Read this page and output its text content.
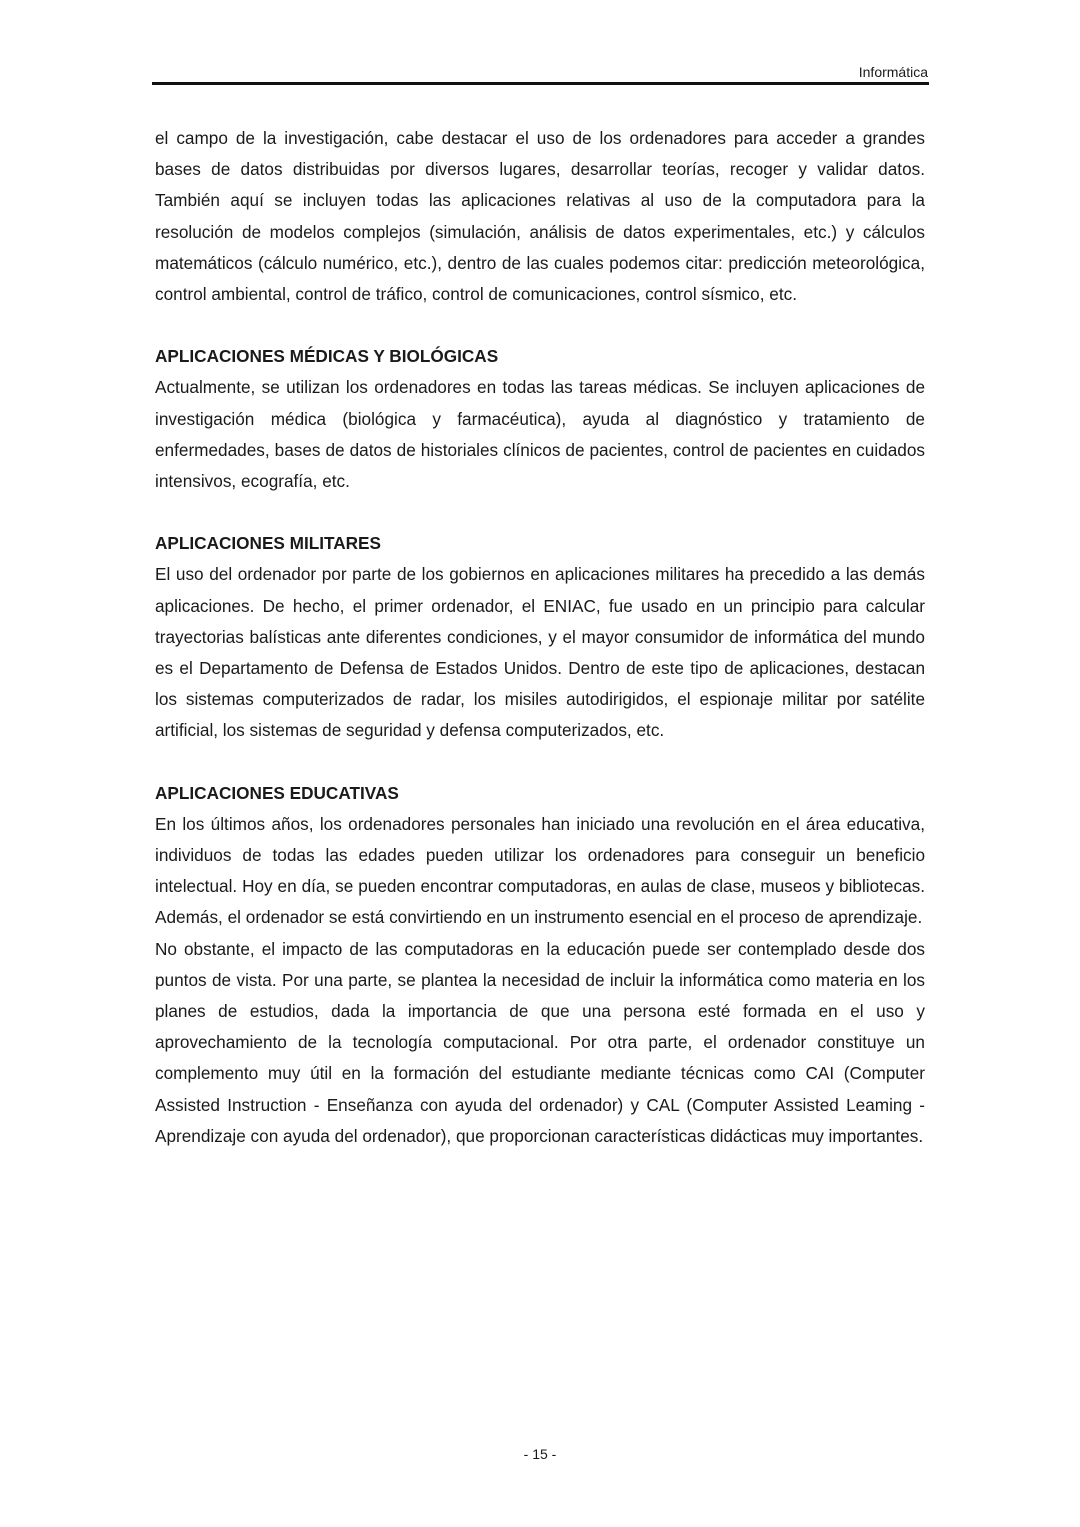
Informática

el campo de la investigación, cabe destacar el uso de los ordenadores para acceder a grandes bases de datos distribuidas por diversos lugares, desarrollar teorías, recoger y validar datos. También aquí se incluyen todas las aplicaciones relativas al uso de la computadora para la resolución de modelos complejos (simulación, análisis de datos experimentales, etc.) y cálculos matemáticos (cálculo numérico, etc.), dentro de las cuales podemos citar: predicción meteorológica, control ambiental, control de tráfico, control de comunicaciones, control sísmico, etc.

APLICACIONES MÉDICAS Y BIOLÓGICAS

Actualmente, se utilizan los ordenadores en todas las tareas médicas. Se incluyen aplicaciones de investigación médica (biológica y farmacéutica), ayuda al diagnóstico y tratamiento de enfermedades, bases de datos de historiales clínicos de pacientes, control de pacientes en cuidados intensivos, ecografía, etc.

APLICACIONES MILITARES

El uso del ordenador por parte de los gobiernos en aplicaciones militares ha precedido a las demás aplicaciones. De hecho, el primer ordenador, el ENIAC, fue usado en un principio para calcular trayectorias balísticas ante diferentes condiciones, y el mayor consumidor de informática del mundo es el Departamento de Defensa de Estados Unidos. Dentro de este tipo de aplicaciones, destacan los sistemas computerizados de radar, los misiles autodirigidos, el espionaje militar por satélite artificial, los sistemas de seguridad y defensa computerizados, etc.

APLICACIONES EDUCATIVAS

En los últimos años, los ordenadores personales han iniciado una revolución en el área educativa, individuos de todas las edades pueden utilizar los ordenadores para conseguir un beneficio intelectual. Hoy en día, se pueden encontrar computadoras, en aulas de clase, museos y bibliotecas. Además, el ordenador se está convirtiendo en un instrumento esencial en el proceso de aprendizaje.

No obstante, el impacto de las computadoras en la educación puede ser contemplado desde dos puntos de vista. Por una parte, se plantea la necesidad de incluir la informática como materia en los planes de estudios, dada la importancia de que una persona esté formada en el uso y aprovechamiento de la tecnología computacional. Por otra parte, el ordenador constituye un complemento muy útil en la formación del estudiante mediante técnicas como CAI (Computer Assisted Instruction - Enseñanza con ayuda del ordenador) y CAL (Computer Assisted Leaming - Aprendizaje con ayuda del ordenador), que proporcionan características didácticas muy importantes.

- 15 -
